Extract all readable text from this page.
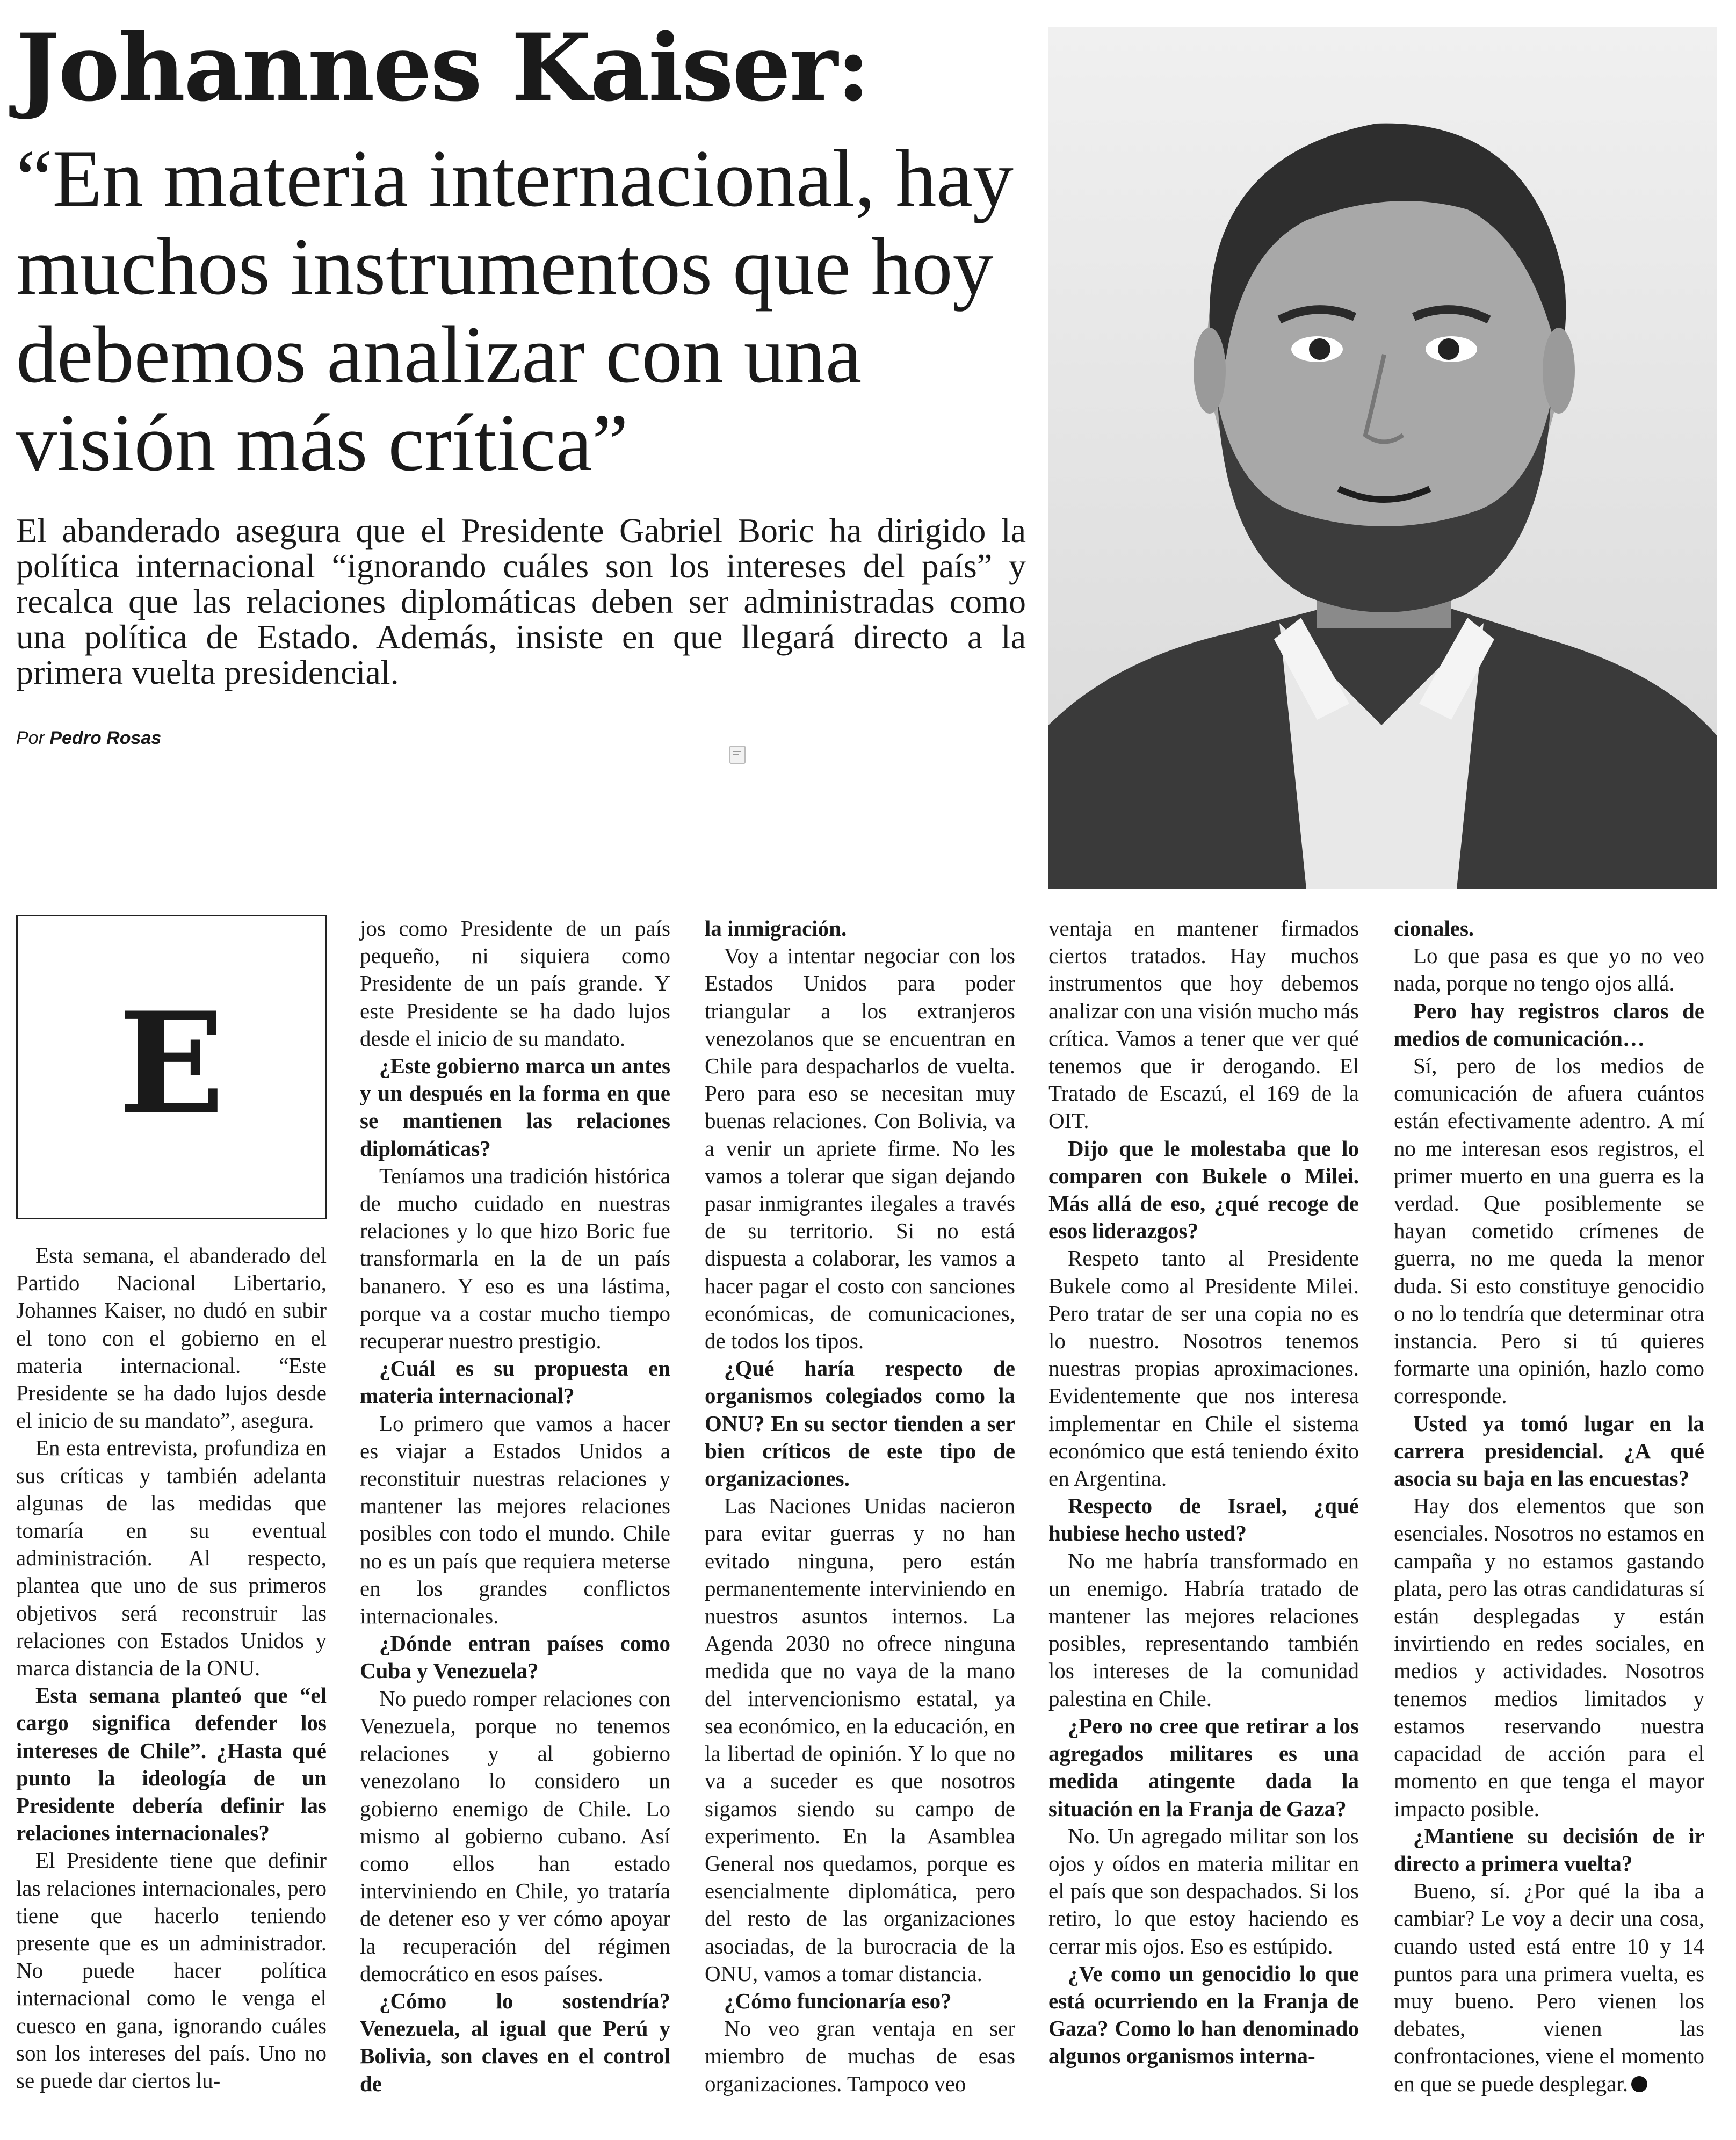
Johannes Kaiser:
“En materia internacional, hay muchos instrumentos que hoy debemos analizar con una visión más crítica”

El abanderado asegura que el Presidente Gabriel Boric ha dirigido la política internacional “ignorando cuáles son los intereses del país” y recalca que las relaciones diplomáticas deben ser administradas como una política de Estado. Además, insiste en que llegará directo a la primera vuelta presidencial.

Por Pedro Rosas
E

Esta semana, el abanderado del Partido Nacional Libertario, Johannes Kaiser, no dudó en subir el tono con el gobierno en el materia internacional. “Este Presidente se ha dado lujos desde el inicio de su mandato”, asegura.

En esta entrevista, profundiza en sus críticas y también adelanta algunas de las medidas que tomaría en su eventual administración. Al respecto, plantea que uno de sus primeros objetivos será reconstruir las relaciones con Estados Unidos y marca distancia de la ONU.

Esta semana planteó que “el cargo significa defender los intereses de Chile”. ¿Hasta qué punto la ideología de un Presidente debería definir las relaciones internacionales?

El Presidente tiene que definir las relaciones internacionales, pero tiene que hacerlo teniendo presente que es un administrador. No puede hacer política internacional como le venga el cuesco en gana, ignorando cuáles son los intereses del país. Uno no se puede dar ciertos lu-

jos como Presidente de un país pequeño, ni siquiera como Presidente de un país grande. Y este Presidente se ha dado lujos desde el inicio de su mandato.

¿Este gobierno marca un antes y un después en la forma en que se mantienen las relaciones diplomáticas?

Teníamos una tradición histórica de mucho cuidado en nuestras relaciones y lo que hizo Boric fue transformarla en la de un país bananero. Y eso es una lástima, porque va a costar mucho tiempo recuperar nuestro prestigio.

¿Cuál es su propuesta en materia internacional?

Lo primero que vamos a hacer es viajar a Estados Unidos a reconstituir nuestras relaciones y mantener las mejores relaciones posibles con todo el mundo. Chile no es un país que requiera meterse en los grandes conflictos internacionales.

¿Dónde entran países como Cuba y Venezuela?

No puedo romper relaciones con Venezuela, porque no tenemos relaciones y al gobierno venezolano lo considero un gobierno enemigo de Chile. Lo mismo al gobierno cubano. Así como ellos han estado interviniendo en Chile, yo trataría de detener eso y ver cómo apoyar la recuperación del régimen democrático en esos países.

¿Cómo lo sostendría? Venezuela, al igual que Perú y Bolivia, son claves en el control de

la inmigración.

Voy a intentar negociar con los Estados Unidos para poder triangular a los extranjeros venezolanos que se encuentran en Chile para despacharlos de vuelta. Pero para eso se necesitan muy buenas relaciones. Con Bolivia, va a venir un apriete firme. No les vamos a tolerar que sigan dejando pasar inmigrantes ilegales a través de su territorio. Si no está dispuesta a colaborar, les vamos a hacer pagar el costo con sanciones económicas, de comunicaciones, de todos los tipos.

¿Qué haría respecto de organismos colegiados como la ONU? En su sector tienden a ser bien críticos de este tipo de organizaciones.

Las Naciones Unidas nacieron para evitar guerras y no han evitado ninguna, pero están permanentemente interviniendo en nuestros asuntos internos. La Agenda 2030 no ofrece ninguna medida que no vaya de la mano del intervencionismo estatal, ya sea económico, en la educación, en la libertad de opinión. Y lo que no va a suceder es que nosotros sigamos siendo su campo de experimento. En la Asamblea General nos quedamos, porque es esencialmente diplomática, pero del resto de las organizaciones asociadas, de la burocracia de la ONU, vamos a tomar distancia.

¿Cómo funcionaría eso?

No veo gran ventaja en ser miembro de muchas de esas organizaciones. Tampoco veo

ventaja en mantener firmados ciertos tratados. Hay muchos instrumentos que hoy debemos analizar con una visión mucho más crítica. Vamos a tener que ver qué tenemos que ir derogando. El Tratado de Escazú, el 169 de la OIT.

Dijo que le molestaba que lo comparen con Bukele o Milei. Más allá de eso, ¿qué recoge de esos liderazgos?

Respeto tanto al Presidente Bukele como al Presidente Milei. Pero tratar de ser una copia no es lo nuestro. Nosotros tenemos nuestras propias aproximaciones. Evidentemente que nos interesa implementar en Chile el sistema económico que está teniendo éxito en Argentina.

Respecto de Israel, ¿qué hubiese hecho usted?

No me habría transformado en un enemigo. Habría tratado de mantener las mejores relaciones posibles, representando también los intereses de la comunidad palestina en Chile.

¿Pero no cree que retirar a los agregados militares es una medida atingente dada la situación en la Franja de Gaza?

No. Un agregado militar son los ojos y oídos en materia militar en el país que son despachados. Si los retiro, lo que estoy haciendo es cerrar mis ojos. Eso es estúpido.

¿Ve como un genocidio lo que está ocurriendo en la Franja de Gaza? Como lo han denominado algunos organismos interna-

cionales.

Lo que pasa es que yo no veo nada, porque no tengo ojos allá.

Pero hay registros claros de medios de comunicación…

Sí, pero de los medios de comunicación de afuera cuántos están efectivamente adentro. A mí no me interesan esos registros, el primer muerto en una guerra es la verdad. Que posiblemente se hayan cometido crímenes de guerra, no me queda la menor duda. Si esto constituye genocidio o no lo tendría que determinar otra instancia. Pero si tú quieres formarte una opinión, hazlo como corresponde.

Usted ya tomó lugar en la carrera presidencial. ¿A qué asocia su baja en las encuestas?

Hay dos elementos que son esenciales. Nosotros no estamos en campaña y no estamos gastando plata, pero las otras candidaturas sí están desplegadas y están invirtiendo en redes sociales, en medios y actividades. Nosotros tenemos medios limitados y estamos reservando nuestra capacidad de acción para el momento en que tenga el mayor impacto posible.

¿Mantiene su decisión de ir directo a primera vuelta?

Bueno, sí. ¿Por qué la iba a cambiar? Le voy a decir una cosa, cuando usted está entre 10 y 14 puntos para una primera vuelta, es muy bueno. Pero vienen los debates, vienen las confrontaciones, viene el momento en que se puede desplegar.
